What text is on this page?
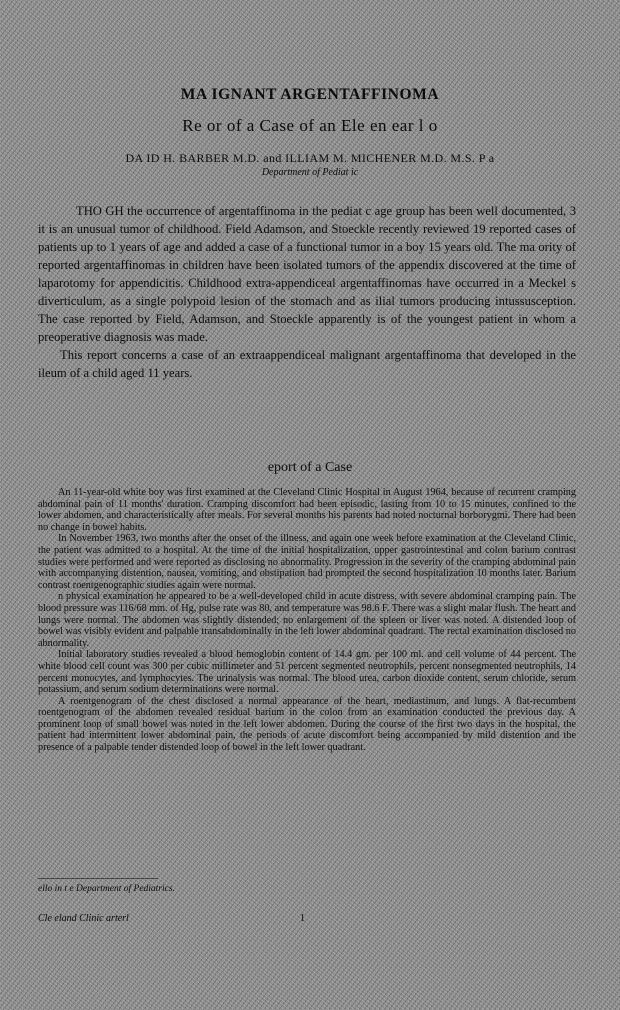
MA IGNANT ARGENTAFFINOMA
Re or of a Case of an Ele en ear l o
DA ID H. BARBER M.D. and ILLIAM M. MICHENER M.D. M.S. P a
Department of Pediat ic

THO GH the occurrence of argentaffinoma in the pediat c age group has been well documented, 3 it is an unusual tumor of childhood. Field Adamson, and Stoeckle recently reviewed 19 reported cases of patients up to 1 years of age and added a case of a functional tumor in a boy 15 years old. The ma ority of reported argentaffinomas in children have been isolated tumors of the appendix discovered at the time of laparotomy for appendicitis. Childhood extra-appendiceal argentaffinomas have occurred in a Meckel s diverticulum, as a single polypoid lesion of the stomach and as ilial tumors producing intussusception. The case reported by Field, Adamson, and Stoeckle apparently is of the youngest patient in whom a preoperative diagnosis was made.

This report concerns a case of an extraappendiceal malignant argentaffinoma that developed in the ileum of a child aged 11 years.

eport of a Case

An 11-year-old white boy was first examined at the Cleveland Clinic Hospital in August 1964, because of recurrent cramping abdominal pain of 11 months' duration. Cramping discomfort had been episodic, lasting from 10 to 15 minutes, confined to the lower abdomen, and characteristically after meals. For several months his parents had noted nocturnal borborygmi. There had been no change in bowel habits.

In November 1963, two months after the onset of the illness, and again one week before examination at the Cleveland Clinic, the patient was admitted to a hospital. At the time of the initial hospitalization, upper gastrointestinal and colon barium contrast studies were performed and were reported as disclosing no abnormality. Progression in the severity of the cramping abdominal pain with accompanying distention, nausea, vomiting, and obstipation had prompted the second hospitalization 10 months later. Barium contrast roentgenographic studies again were normal.

n physical examination he appeared to be a well-developed child in acute distress, with severe abdominal cramping pain. The blood pressure was 116/68 mm. of Hg, pulse rate was 80, and temperature was 98.6 F. There was a slight malar flush. The heart and lungs were normal. The abdomen was slightly distended; no enlargement of the spleen or liver was noted. A distended loop of bowel was visibly evident and palpable transabdominally in the left lower abdominal quadrant. The rectal examination disclosed no abnormality.

Initial laboratory studies revealed a blood hemoglobin content of 14.4 gm. per 100 ml. and cell volume of 44 percent. The white blood cell count was 300 per cubic millimeter and 51 percent segmented neutrophils, percent nonsegmented neutrophils, 14 percent monocytes, and lymphocytes. The urinalysis was normal. The blood urea, carbon dioxide content, serum chloride, serum potassium, and serum sodium determinations were normal.

A roentgenogram of the chest disclosed a normal appearance of the heart, mediastinum, and lungs. A flat-recumbent roentgenogram of the abdomen revealed residual barium in the colon from an examination conducted the previous day. A prominent loop of small bowel was noted in the left lower abdomen. During the course of the first two days in the hospital, the patient had intermittent lower abdominal pain, the periods of acute discomfort being accompanied by mild distention and the presence of a palpable tender distended loop of bowel in the left lower quadrant.

ello in t e Department of Pediatrics.
Cle eland Clinic arterl	1
